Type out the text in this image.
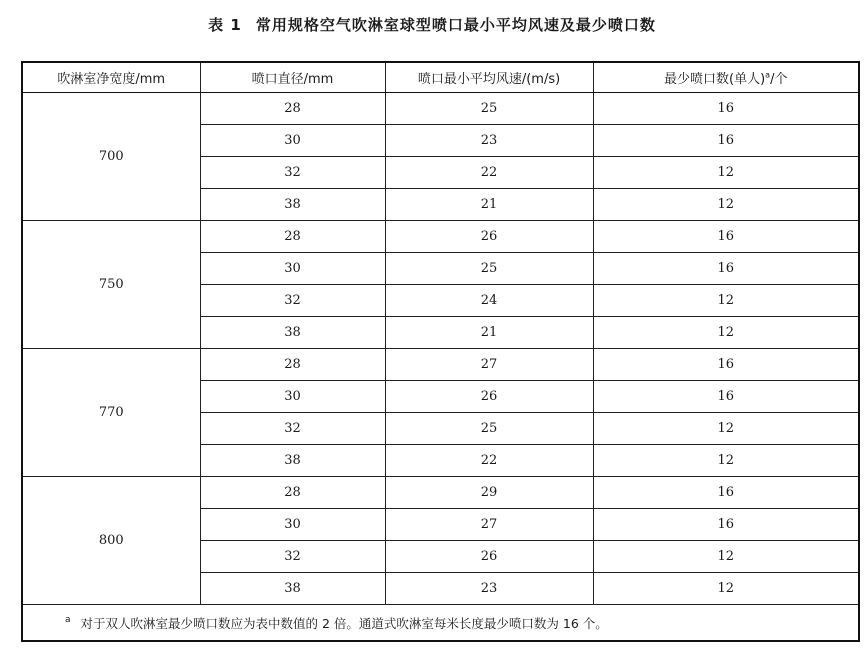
表 1 常用规格空气吹淋室球型喷口最小平均风速及最少喷口数
吹淋室净宽度/mm	喷口直径/mm	喷口最小平均风速/(m/s)	最少喷口数(单人)$^a$/个
700	28	25	16
	30	23	16
	32	22	12
	38	21	12
750	28	26	16
	30	25	16
	32	24	12
	38	21	12
770	28	27	16
	30	26	16
	32	25	12
	38	22	12
800	28	29	16
	30	27	16
	32	26	12
	38	23	12
$^a$ 对于双人吹淋室最少喷口数应为表中数值的 2 倍。通道式吹淋室每米长度最少喷口数为 16 个。			
